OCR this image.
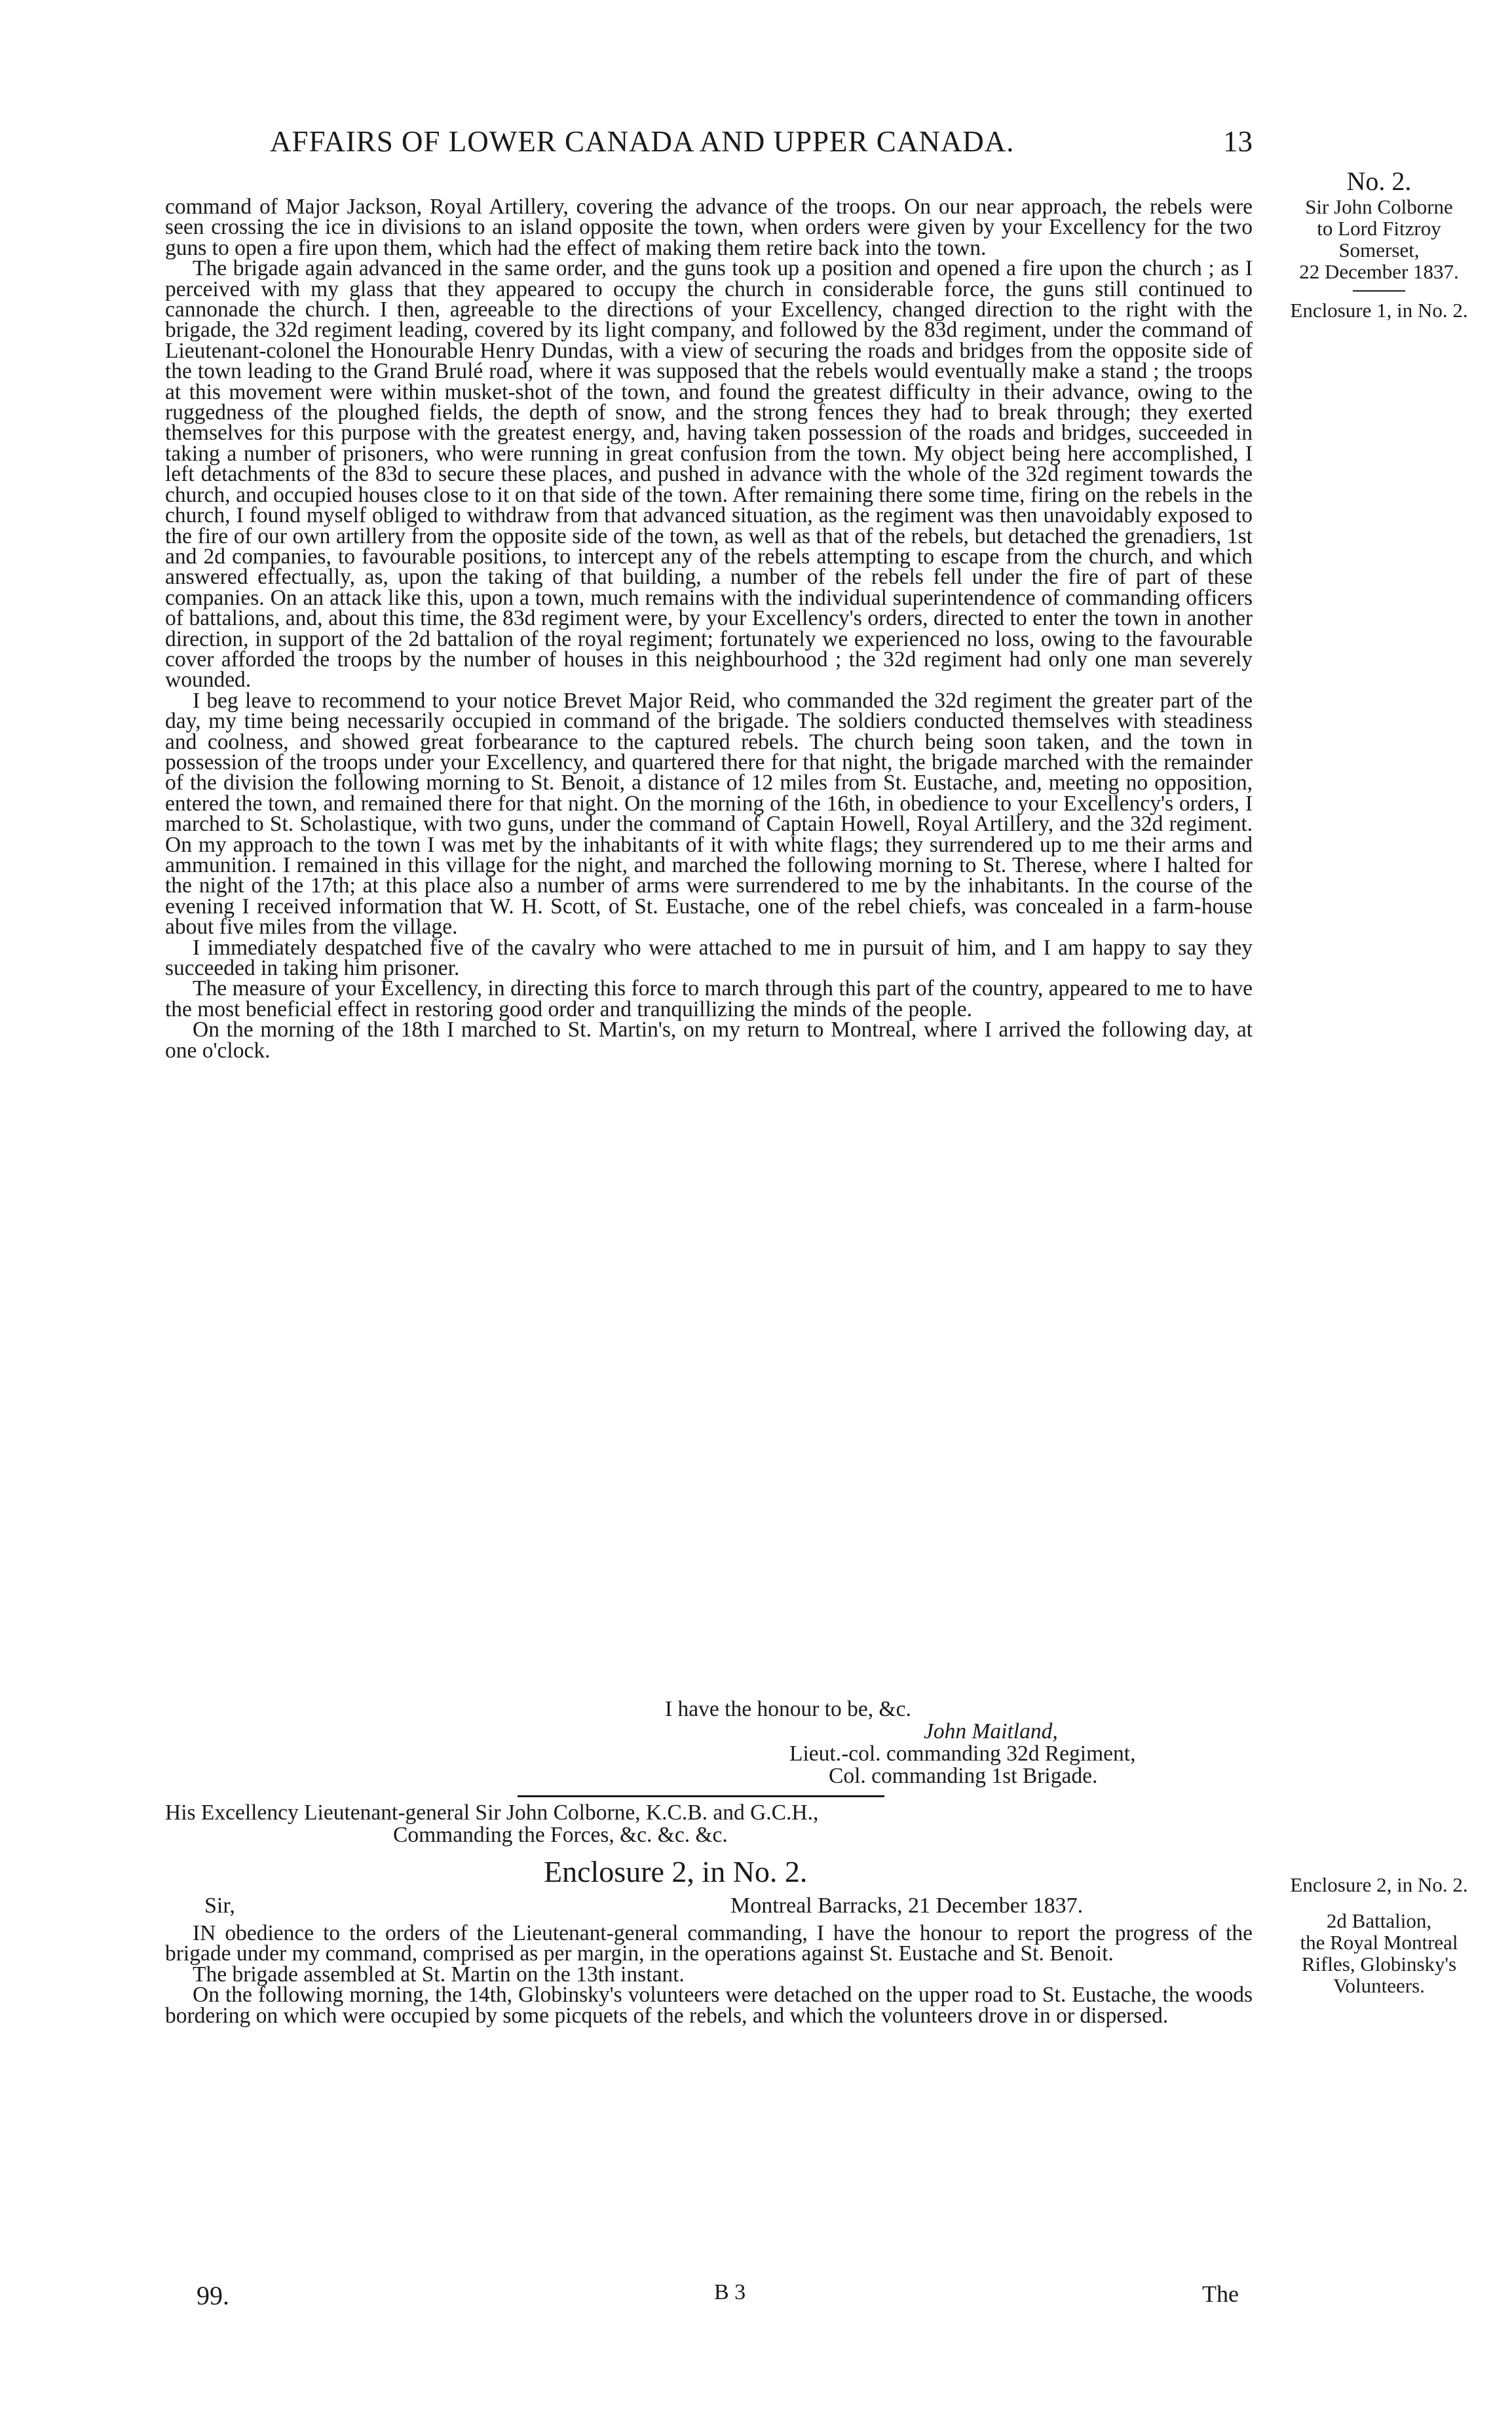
AFFAIRS OF LOWER CANADA AND UPPER CANADA.	13
No. 2.
Sir John Colborne
to Lord Fitzroy
Somerset,
22 December 1837.
Enclosure 1, in No. 2.

command of Major Jackson, Royal Artillery, covering the advance of the troops. On our near approach, the rebels were seen crossing the ice in divisions to an island opposite the town, when orders were given by your Excellency for the two guns to open a fire upon them, which had the effect of making them retire back into the town.

The brigade again advanced in the same order, and the guns took up a position and opened a fire upon the church ; as I perceived with my glass that they appeared to occupy the church in considerable force, the guns still continued to cannonade the church. I then, agreeable to the directions of your Excellency, changed direction to the right with the brigade, the 32d regiment leading, covered by its light company, and followed by the 83d regiment, under the command of Lieutenant-colonel the Honourable Henry Dundas, with a view of securing the roads and bridges from the opposite side of the town leading to the Grand Brulé road, where it was supposed that the rebels would eventually make a stand ; the troops at this movement were within musket-shot of the town, and found the greatest difficulty in their advance, owing to the ruggedness of the ploughed fields, the depth of snow, and the strong fences they had to break through; they exerted themselves for this purpose with the greatest energy, and, having taken possession of the roads and bridges, succeeded in taking a number of prisoners, who were running in great confusion from the town. My object being here accomplished, I left detachments of the 83d to secure these places, and pushed in advance with the whole of the 32d regiment towards the church, and occupied houses close to it on that side of the town. After remaining there some time, firing on the rebels in the church, I found myself obliged to withdraw from that advanced situation, as the regiment was then unavoidably exposed to the fire of our own artillery from the opposite side of the town, as well as that of the rebels, but detached the grenadiers, 1st and 2d companies, to favourable positions, to intercept any of the rebels attempting to escape from the church, and which answered effectually, as, upon the taking of that building, a number of the rebels fell under the fire of part of these companies. On an attack like this, upon a town, much remains with the individual superintendence of commanding officers of battalions, and, about this time, the 83d regiment were, by your Excellency's orders, directed to enter the town in another direction, in support of the 2d battalion of the royal regiment; fortunately we experienced no loss, owing to the favourable cover afforded the troops by the number of houses in this neighbourhood ; the 32d regiment had only one man severely wounded.

I beg leave to recommend to your notice Brevet Major Reid, who commanded the 32d regiment the greater part of the day, my time being necessarily occupied in command of the brigade. The soldiers conducted themselves with steadiness and coolness, and showed great forbearance to the captured rebels. The church being soon taken, and the town in possession of the troops under your Excellency, and quartered there for that night, the brigade marched with the remainder of the division the following morning to St. Benoit, a distance of 12 miles from St. Eustache, and, meeting no opposition, entered the town, and remained there for that night. On the morning of the 16th, in obedience to your Excellency's orders, I marched to St. Scholastique, with two guns, under the command of Captain Howell, Royal Artillery, and the 32d regiment. On my approach to the town I was met by the inhabitants of it with white flags; they surrendered up to me their arms and ammunition. I remained in this village for the night, and marched the following morning to St. Therese, where I halted for the night of the 17th; at this place also a number of arms were surrendered to me by the inhabitants. In the course of the evening I received information that W. H. Scott, of St. Eustache, one of the rebel chiefs, was concealed in a farm-house about five miles from the village.

I immediately despatched five of the cavalry who were attached to me in pursuit of him, and I am happy to say they succeeded in taking him prisoner.

The measure of your Excellency, in directing this force to march through this part of the country, appeared to me to have the most beneficial effect in restoring good order and tranquillizing the minds of the people.

On the morning of the 18th I marched to St. Martin's, on my return to Montreal, where I arrived the following day, at one o'clock.

I have the honour to be, &c.
John Maitland,
Lieut.-col. commanding 32d Regiment,
Col. commanding 1st Brigade.
His Excellency Lieutenant-general Sir John Colborne, K.C.B. and G.C.H.,
Commanding the Forces, &c. &c. &c.
Enclosure 2, in No. 2.
Sir,	Montreal Barracks, 21 December 1837.

IN obedience to the orders of the Lieutenant-general commanding, I have the honour to report the progress of the brigade under my command, comprised as per margin, in the operations against St. Eustache and St. Benoit.

The brigade assembled at St. Martin on the 13th instant.

On the following morning, the 14th, Globinsky's volunteers were detached on the upper road to St. Eustache, the woods bordering on which were occupied by some picquets of the rebels, and which the volunteers drove in or dispersed.

Enclosure 2, in No. 2.
2d Battalion,
the Royal Montreal
Rifles, Globinsky's
Volunteers.
99.	B 3	The
